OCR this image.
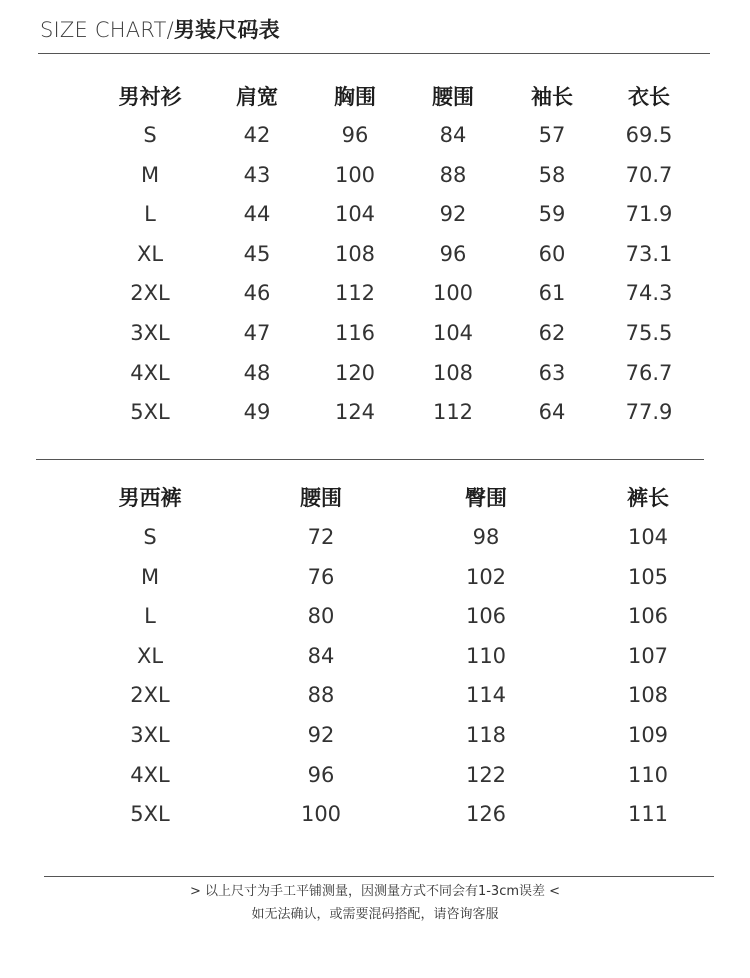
SIZE CHART/男装尺码表
男衬衫	肩宽	胸围	腰围	袖长	衣长
S	42	96	84	57	69.5
M	43	100	88	58	70.7
L	44	104	92	59	71.9
XL	45	108	96	60	73.1
2XL	46	112	100	61	74.3
3XL	47	116	104	62	75.5
4XL	48	120	108	63	76.7
5XL	49	124	112	64	77.9
男西裤	腰围	臀围	裤长
S	72	98	104
M	76	102	105
L	80	106	106
XL	84	110	107
2XL	88	114	108
3XL	92	118	109
4XL	96	122	110
5XL	100	126	111
> 以上尺寸为手工平铺测量，因测量方式不同会有1-3cm误差 <
如无法确认，或需要混码搭配，请咨询客服
